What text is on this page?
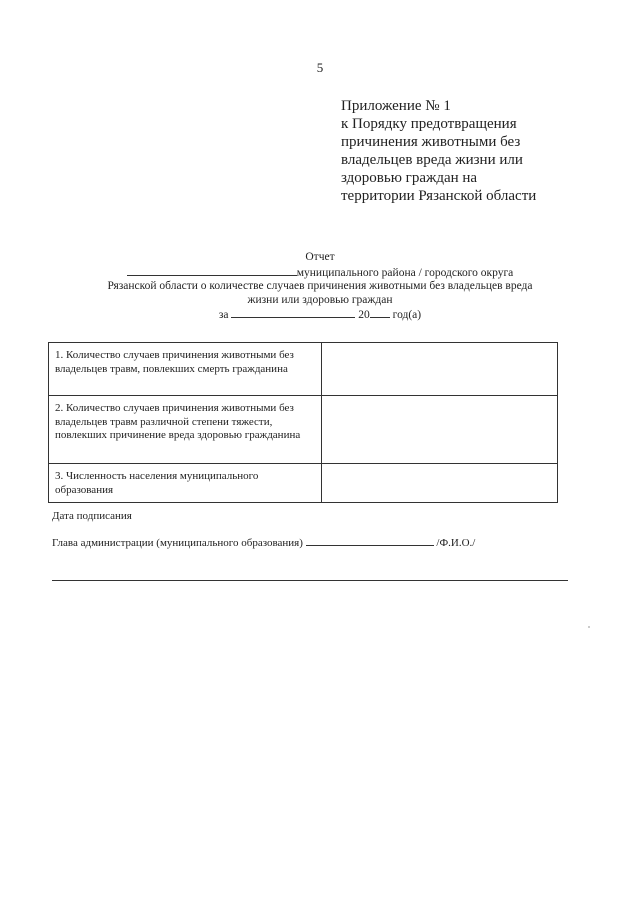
5
Приложение № 1
к Порядку предотвращения
причинения животными без
владельцев вреда жизни или
здоровью граждан на
территории Рязанской области
Отчет
муниципального района / городского округа
Рязанской области о количестве случаев причинения животными без владельцев вреда
жизни или здоровью граждан
за	20 год(а)
1. Количество случаев причинения животными без владельцев травм, повлекших смерть гражданина	
2. Количество случаев причинения животными без владельцев травм различной степени тяжести, повлекших причинение вреда здоровью гражданина	
3. Численность населения муниципального образования	
Дата подписания
Глава администрации (муниципального образования)	/Ф.И.О./
